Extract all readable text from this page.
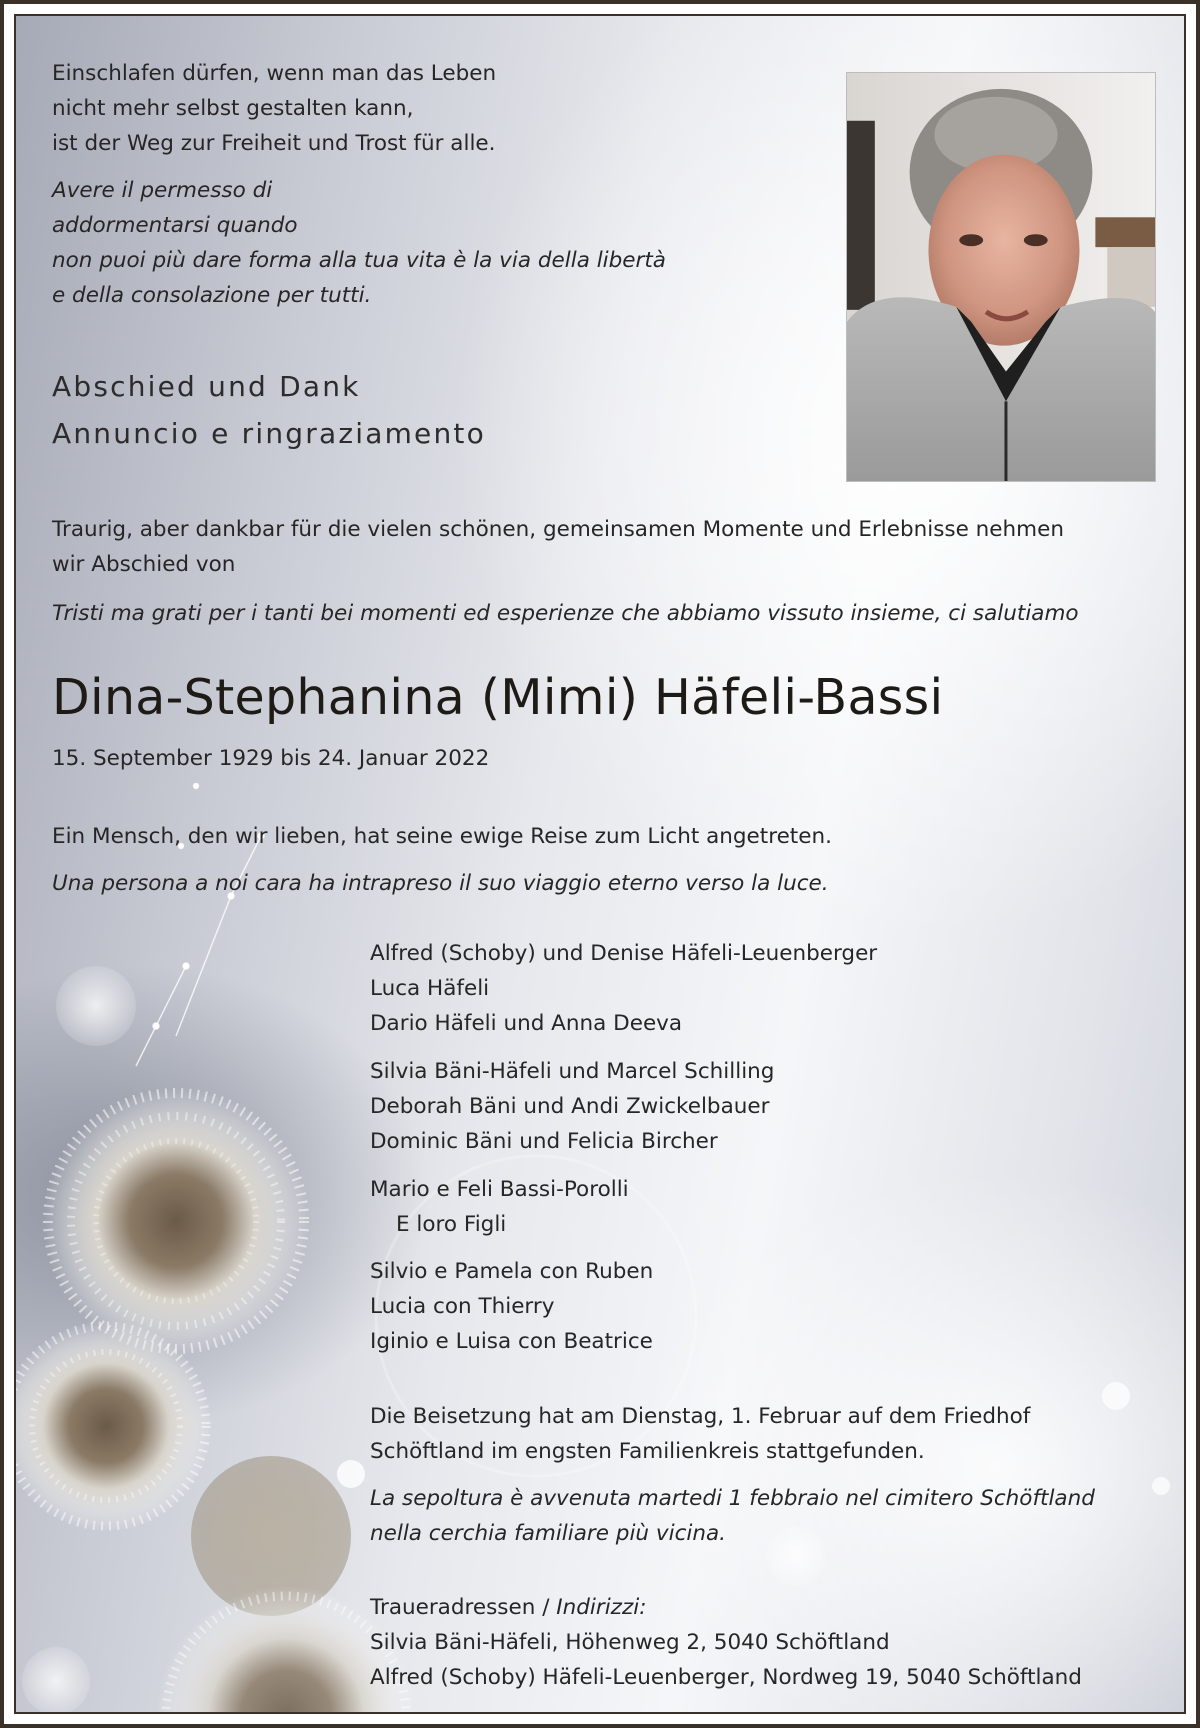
Einschlafen dürfen, wenn man das Leben
nicht mehr selbst gestalten kann,
ist der Weg zur Freiheit und Trost für alle.
Avere il permesso di
addormentarsi quando
non puoi più dare forma alla tua vita è la via della libertà
e della consolazione per tutti.
Abschied und Dank
Annuncio e ringraziamento
Traurig, aber dankbar für die vielen schönen, gemeinsamen Momente und Erlebnisse nehmen
wir Abschied von
Tristi ma grati per i tanti bei momenti ed esperienze che abbiamo vissuto insieme, ci salutiamo
Dina-Stephanina (Mimi) Häfeli-Bassi
15. September 1929 bis 24. Januar 2022
Ein Mensch, den wir lieben, hat seine ewige Reise zum Licht angetreten.
Una persona a noi cara ha intrapreso il suo viaggio eterno verso la luce.
Alfred (Schoby) und Denise Häfeli-Leuenberger
Luca Häfeli
Dario Häfeli und Anna Deeva
Silvia Bäni-Häfeli und Marcel Schilling
Deborah Bäni und Andi Zwickelbauer
Dominic Bäni und Felicia Bircher
Mario e Feli Bassi-Porolli
E loro Figli
Silvio e Pamela con Ruben
Lucia con Thierry
Iginio e Luisa con Beatrice
Die Beisetzung hat am Dienstag, 1. Februar auf dem Friedhof
Schöftland im engsten Familienkreis stattgefunden.
La sepoltura è avvenuta martedi 1 febbraio nel cimitero Schöftland
nella cerchia familiare più vicina.
Traueradressen / Indirizzi:
Silvia Bäni-Häfeli, Höhenweg 2, 5040 Schöftland
Alfred (Schoby) Häfeli-Leuenberger, Nordweg 19, 5040 Schöftland
